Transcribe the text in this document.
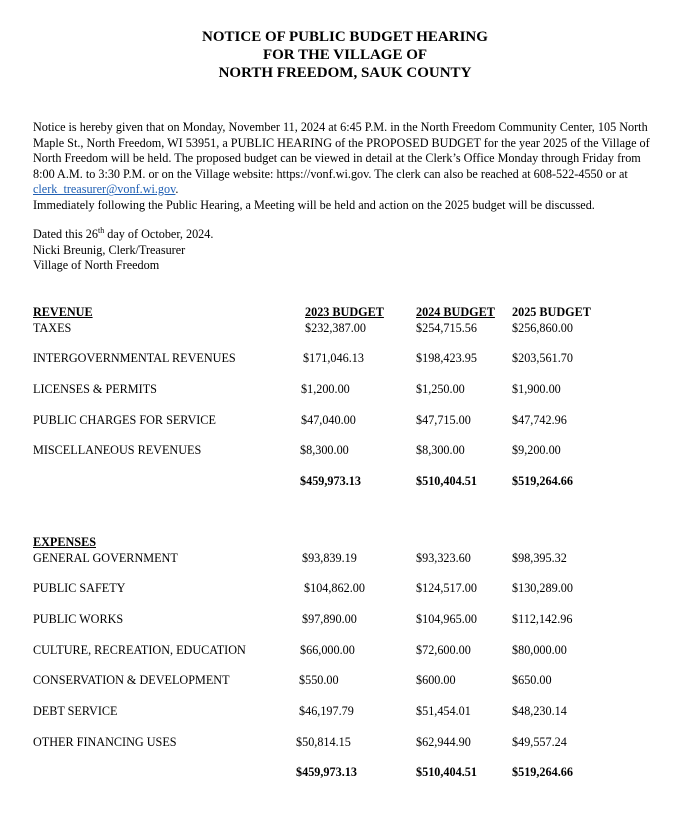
NOTICE OF PUBLIC BUDGET HEARING
FOR THE VILLAGE OF
NORTH FREEDOM, SAUK COUNTY
Notice is hereby given that on Monday, November 11, 2024 at 6:45 P.M. in the North Freedom Community Center, 105 North Maple St., North Freedom, WI 53951, a PUBLIC HEARING of the PROPOSED BUDGET for the year 2025 of the Village of North Freedom will be held. The proposed budget can be viewed in detail at the Clerk’s Office Monday through Friday from 8:00 A.M. to 3:30 P.M. or on the Village website: https://vonf.wi.gov. The clerk can also be reached at 608-522-4550 or at clerk_treasurer@vonf.wi.gov.
Immediately following the Public Hearing, a Meeting will be held and action on the 2025 budget will be discussed.
Dated this 26th day of October, 2024.
Nicki Breunig, Clerk/Treasurer
Village of North Freedom
REVENUE	2023 BUDGET	2024 BUDGET 2025 BUDGET
TAXES	$232,387.00	$254,715.56	$256,860.00
INTERGOVERNMENTAL REVENUES	$171,046.13	$198,423.95	$203,561.70
LICENSES & PERMITS	$1,200.00	$1,250.00	$1,900.00
PUBLIC CHARGES FOR SERVICE	$47,040.00	$47,715.00	$47,742.96
MISCELLANEOUS REVENUES	$8,300.00	$8,300.00	$9,200.00
$459,973.13	$510,404.51	$519,264.66
EXPENSES
GENERAL GOVERNMENT	$93,839.19	$93,323.60	$98,395.32
PUBLIC SAFETY	$104,862.00	$124,517.00	$130,289.00
PUBLIC WORKS	$97,890.00	$104,965.00	$112,142.96
CULTURE, RECREATION, EDUCATION	$66,000.00	$72,600.00	$80,000.00
CONSERVATION & DEVELOPMENT	$550.00	$600.00	$650.00
DEBT SERVICE	$46,197.79	$51,454.01	$48,230.14
OTHER FINANCING USES	$50,814.15	$62,944.90	$49,557.24
$459,973.13	$510,404.51	$519,264.66
